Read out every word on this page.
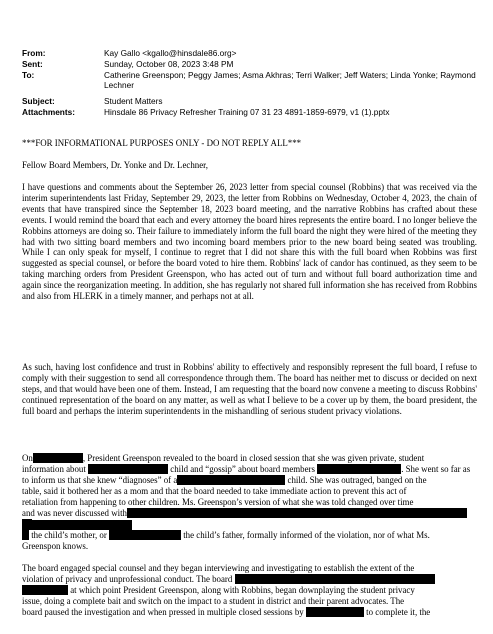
From:	Kay Gallo <kgallo@hinsdale86.org>
Sent:	Sunday, October 08, 2023 3:48 PM
To:	Catherine Greenspon; Peggy James; Asma Akhras; Terri Walker; Jeff Waters; Linda Yonke; Raymond Lechner
Subject:	Student Matters
Attachments:	Hinsdale 86 Privacy Refresher Training 07 31 23 4891-1859-6979, v1 (1).pptx
***FOR INFORMATIONAL PURPOSES ONLY - DO NOT REPLY ALL***
Fellow Board Members, Dr. Yonke and Dr. Lechner,
I have questions and comments about the September 26, 2023 letter from special counsel (Robbins) that was received via the interim superintendents last Friday, September 29, 2023, the letter from Robbins on Wednesday, October 4, 2023, the chain of events that have transpired since the September 18, 2023 board meeting, and the narrative Robbins has crafted about these events. I would remind the board that each and every attorney the board hires represents the entire board. I no longer believe the Robbins attorneys are doing so. Their failure to immediately inform the full board the night they were hired of the meeting they had with two sitting board members and two incoming board members prior to the new board being seated was troubling. While I can only speak for myself, I continue to regret that I did not share this with the full board when Robbins was first suggested as special counsel, or before the board voted to hire them. Robbins' lack of candor has continued, as they seem to be taking marching orders from President Greenspon, who has acted out of turn and without full board authorization time and again since the reorganization meeting. In addition, she has regularly not shared full information she has received from Robbins and also from HLERK in a timely manner, and perhaps not at all.
As such, having lost confidence and trust in Robbins' ability to effectively and responsibly represent the full board, I refuse to comply with their suggestion to send all correspondence through them. The board has neither met to discuss or decided on next steps, and that would have been one of them. Instead, I am requesting that the board now convene a meeting to discuss Robbins' continued representation of the board on any matter, as well as what I believe to be a cover up by them, the board president, the full board and perhaps the interim superintendents in the mishandling of serious student privacy violations.
On	, President Greenspon revealed to the board in closed session that she was given private, student
information about	child and “gossip” about board members	. She went so far as
to inform us that she knew “diagnoses” of a	child. She was outraged, banged on the
table, said it bothered her as a mom and that the board needed to take immediate action to prevent this act of
retaliation from happening to other children. Ms. Greenspon’s version of what she was told changed over time
and was never discussed with
the child’s mother, or	the child’s father, formally informed of the violation, nor of what Ms.
Greenspon knows.
The board engaged special counsel and they began interviewing and investigating to establish the extent of the
violation of privacy and unprofessional conduct. The board
at which point President Greenspon, along with Robbins, began downplaying the student privacy
issue, doing a complete bait and switch on the impact to a student in district and their parent advocates. The
board paused the investigation and when pressed in multiple closed sessions by	to complete it, the
